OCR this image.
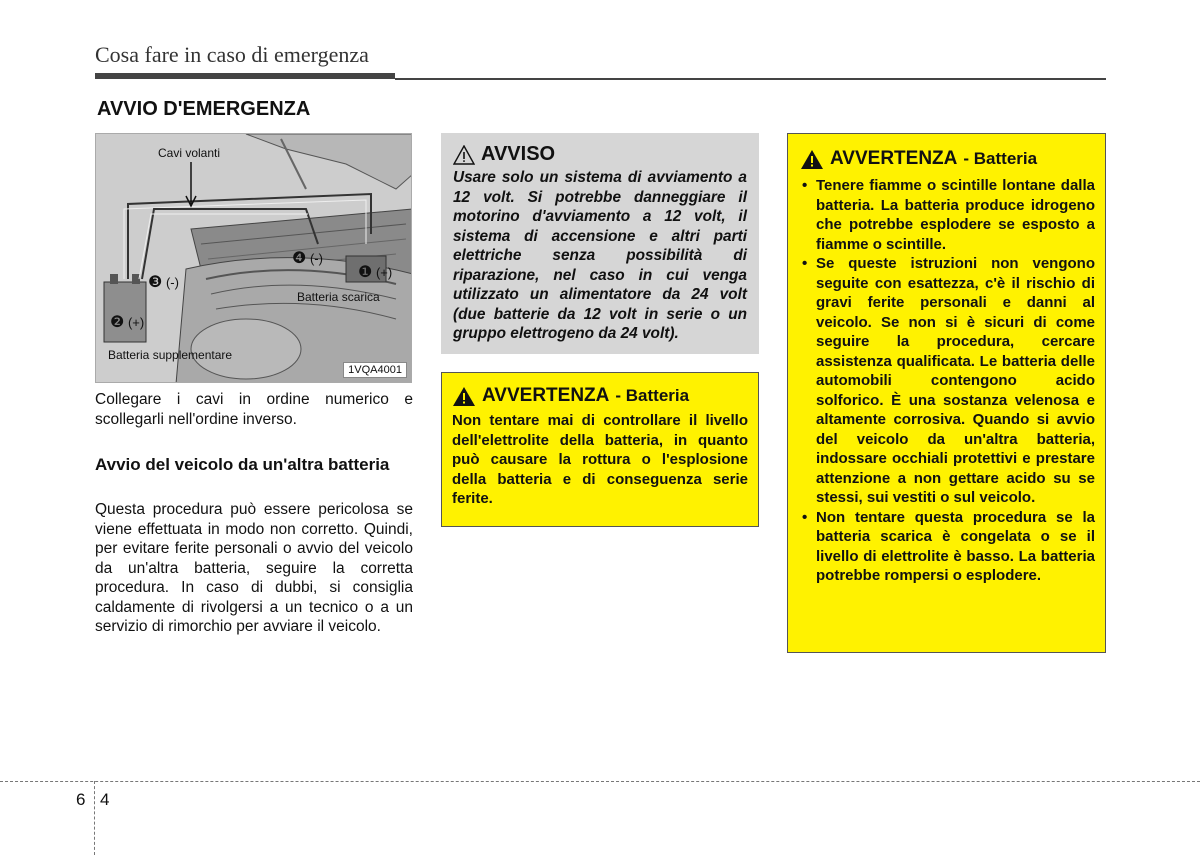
Cosa fare in caso di emergenza
AVVIO D'EMERGENZA
Cavi volanti
Batteria scarica
Batteria supplementare
1VQA4001
❶ (+)
❷ (+)
❸ (-)
❹ (-)
Collegare i cavi in ordine numerico e scollegarli nell'ordine inverso.
Avvio del veicolo da un'altra batteria
Questa procedura può essere pericolosa se viene effettuata in modo non corretto. Quindi, per evitare ferite personali o avvio del veicolo da un'altra batteria, seguire la corretta procedura. In caso di dubbi, si consiglia caldamente di rivolgersi a un tecnico o a un servizio di rimorchio per avviare il veicolo.
AVVISO
Usare solo un sistema di avviamento a 12 volt. Si potrebbe danneggiare il motorino d'avviamento a 12 volt, il sistema di accensione e altri parti elettriche senza possibilità di riparazione, nel caso in cui venga utilizzato un alimentatore da 24 volt (due batterie da 12 volt in serie o un gruppo elettrogeno da 24 volt).
AVVERTENZA - Batteria
Non tentare mai di controllare il livello dell'elettrolite della batteria, in quanto può causare la rottura o l'esplosione della batteria e di conseguenza serie ferite.
AVVERTENZA - Batteria
• Tenere fiamme o scintille lontane dalla batteria. La batteria produce idrogeno che potrebbe esplodere se esposto a fiamme o scintille.
• Se queste istruzioni non vengono seguite con esattezza, c'è il rischio di gravi ferite personali e danni al veicolo. Se non si è sicuri di come seguire la procedura, cercare assistenza qualificata. Le batteria delle automobili contengono acido solforico. È una sostanza velenosa e altamente corrosiva. Quando si avvio del veicolo da un'altra batteria, indossare occhiali protettivi e prestare attenzione a non gettare acido su se stessi, sui vestiti o sul veicolo.
• Non tentare questa procedura se la batteria scarica è congelata o se il livello di elettrolite è basso. La batteria potrebbe rompersi o esplodere.
6 4
